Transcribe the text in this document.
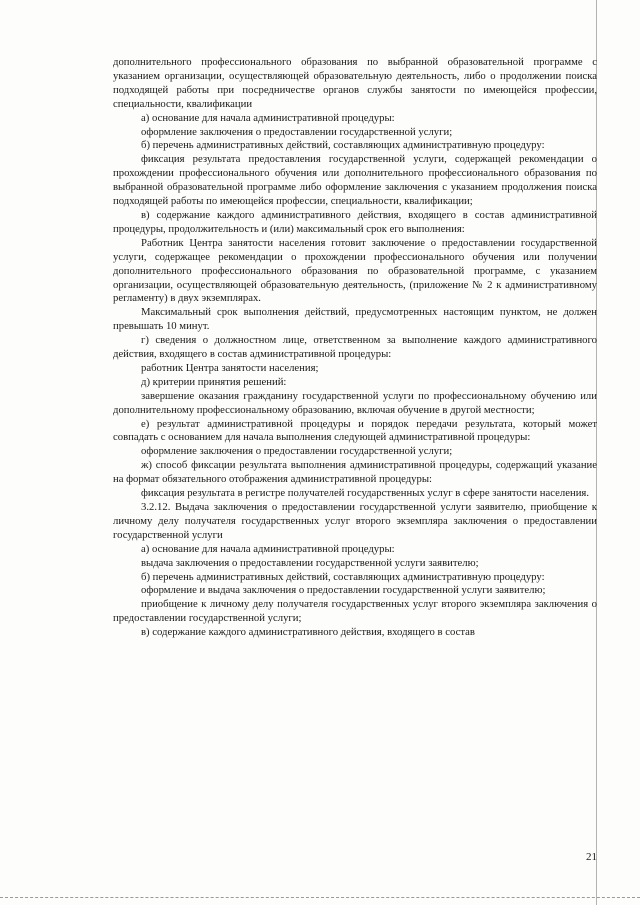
дополнительного профессионального образования по выбранной образовательной программе с указанием организации, осуществляющей образовательную деятельность, либо о продолжении поиска подходящей работы при посредничестве органов службы занятости по имеющейся профессии, специальности, квалификации

а) основание для начала административной процедуры:

оформление заключения о предоставлении государственной услуги;

б) перечень административных действий, составляющих административную процедуру:

фиксация результата предоставления государственной услуги, содержащей рекомендации о прохождении профессионального обучения или дополнительного профессионального образования по выбранной образовательной программе либо оформление заключения с указанием продолжения поиска подходящей работы по имеющейся профессии, специальности, квалификации;

в) содержание каждого административного действия, входящего в состав административной процедуры, продолжительность и (или) максимальный срок его выполнения:

Работник Центра занятости населения готовит заключение о предоставлении государственной услуги, содержащее рекомендации о прохождении профессионального обучения или получении дополнительного профессионального образования по образовательной программе, с указанием организации, осуществляющей образовательную деятельность, (приложение № 2 к административному регламенту) в двух экземплярах.

Максимальный срок выполнения действий, предусмотренных настоящим пунктом, не должен превышать 10 минут.

г) сведения о должностном лице, ответственном за выполнение каждого административного действия, входящего в состав административной процедуры:

работник Центра занятости населения;

д) критерии принятия решений:

завершение оказания гражданину государственной услуги по профессиональному обучению или дополнительному профессиональному образованию, включая обучение в другой местности;

е) результат административной процедуры и порядок передачи результата, который может совпадать с основанием для начала выполнения следующей административной процедуры:

оформление заключения о предоставлении государственной услуги;

ж) способ фиксации результата выполнения административной процедуры, содержащий указание на формат обязательного отображения административной процедуры:

фиксация результата в регистре получателей государственных услуг в сфере занятости населения.

3.2.12. Выдача заключения о предоставлении государственной услуги заявителю, приобщение к личному делу получателя государственных услуг второго экземпляра заключения о предоставлении государственной услуги

а) основание для начала административной процедуры:

выдача заключения о предоставлении государственной услуги заявителю;

б) перечень административных действий, составляющих административную процедуру:

оформление и выдача заключения о предоставлении государственной услуги заявителю;

приобщение к личному делу получателя государственных услуг второго экземпляра заключения о предоставлении государственной услуги;

в) содержание каждого административного действия, входящего в состав

21
